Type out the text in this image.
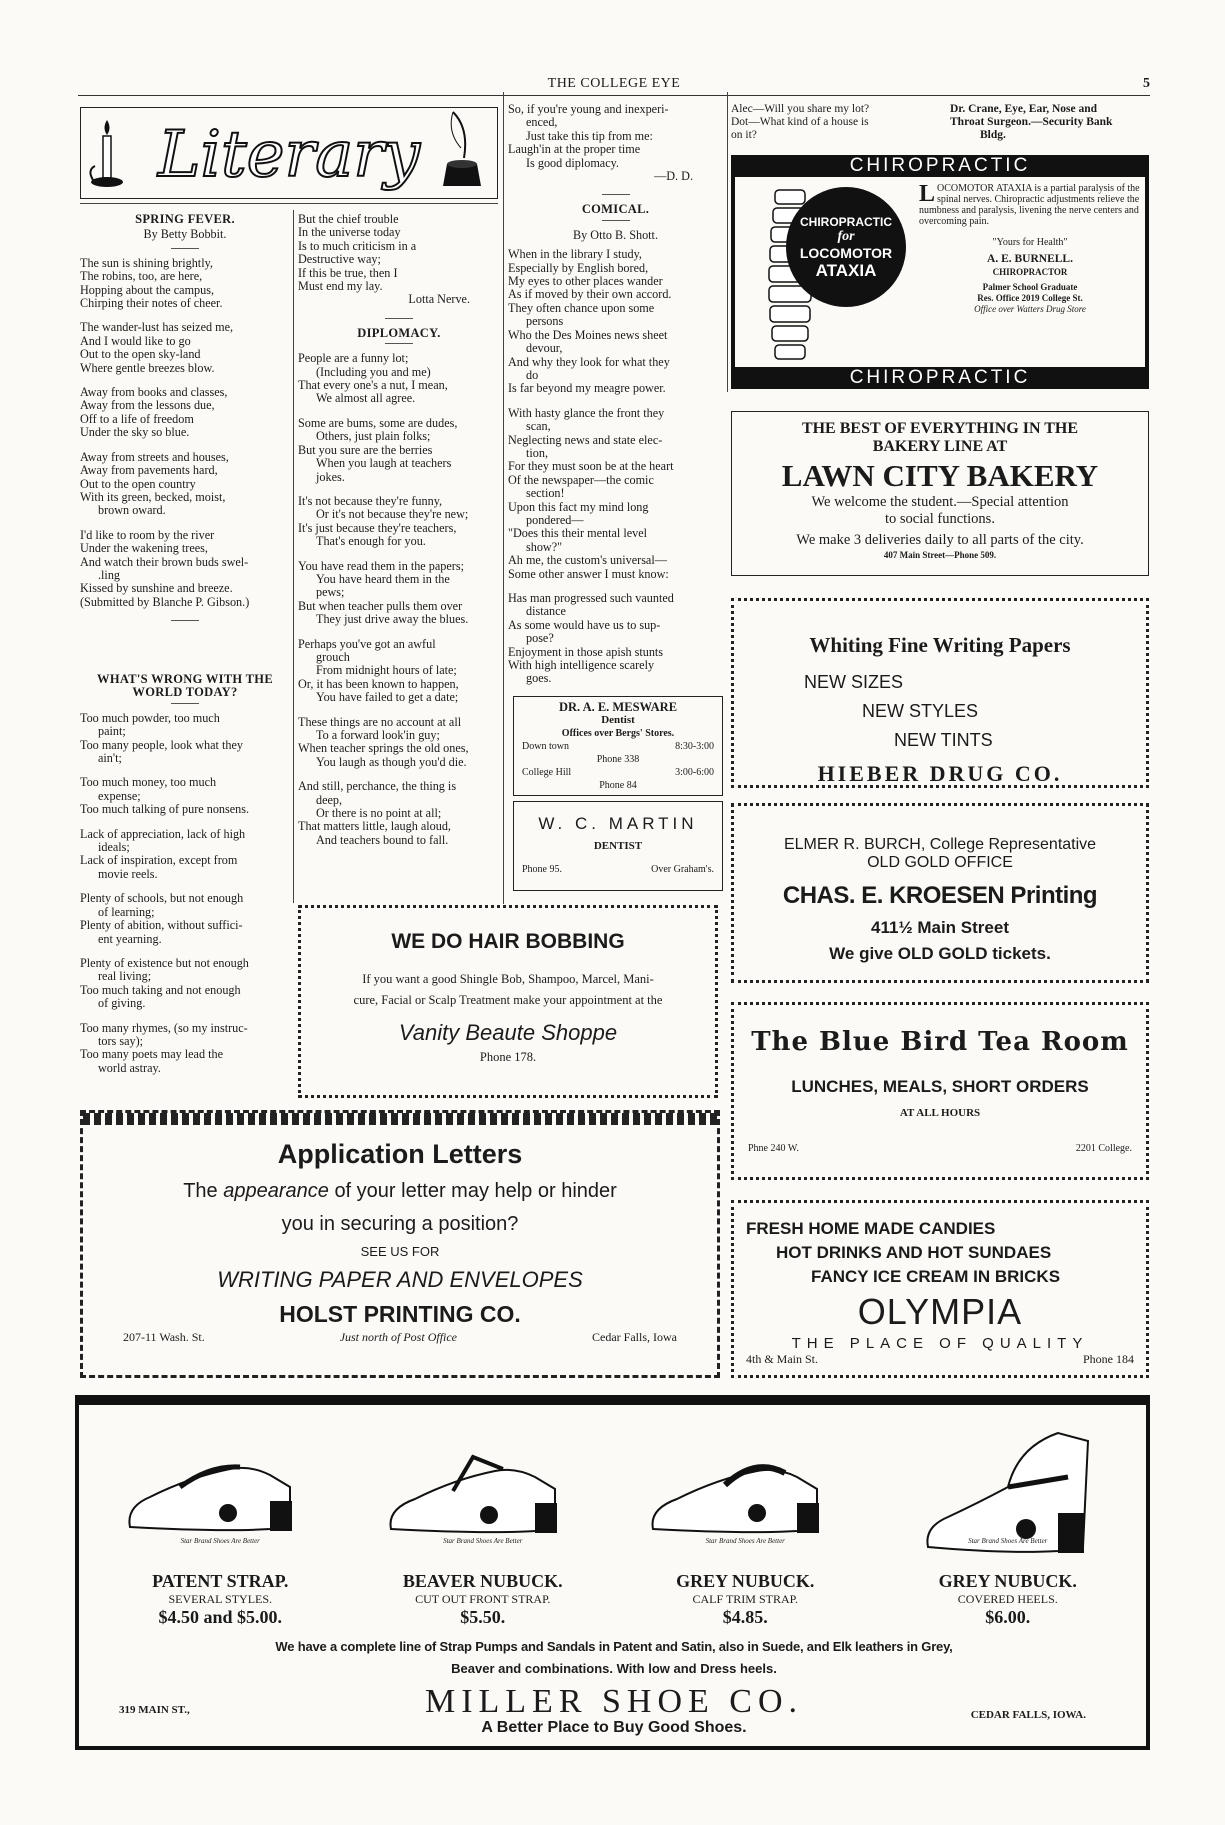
THE COLLEGE EYE	5
Literary
SPRING FEVER.
By Betty Bobbit.
The sun is shining brightly,
The robins, too, are here,
Hopping about the campus,
Chirping their notes of cheer.
The wander-lust has seized me,
And I would like to go
Out to the open sky-land
Where gentle breezes blow.
Away from books and classes,
Away from the lessons due,
Off to a life of freedom
Under the sky so blue.
Away from streets and houses,
Away from pavements hard,
Out to the open country
With its green, becked, moist,
brown oward.
I'd like to room by the river
Under the wakening trees,
And watch their brown buds swel-
.ling
Kissed by sunshine and breeze.
(Submitted by Blanche P. Gibson.)
WHAT'S WRONG WITH THE WORLD TODAY?
Too much powder, too much
paint;
Too many people, look what they
ain't;
Too much money, too much
expense;
Too much talking of pure nonsens.
Lack of appreciation, lack of high
ideals;
Lack of inspiration, except from
movie reels.
Plenty of schools, but not enough
of learning;
Plenty of abition, without suffici-
ent yearning.
Plenty of existence but not enough
real living;
Too much taking and not enough
of giving.
Too many rhymes, (so my instruc-
tors say);
Too many poets may lead the
world astray.
But the chief trouble
In the universe today
Is to much criticism in a
Destructive way;
If this be true, then I
Must end my lay.
Lotta Nerve.
DIPLOMACY.
People are a funny lot;
(Including you and me)
That every one's a nut, I mean,
We almost all agree.
Some are bums, some are dudes,
Others, just plain folks;
But you sure are the berries
When you laugh at teachers
jokes.
It's not because they're funny,
Or it's not because they're new;
It's just because they're teachers,
That's enough for you.
You have read them in the papers;
You have heard them in the
pews;
But when teacher pulls them over
They just drive away the blues.
Perhaps you've got an awful
grouch
From midnight hours of late;
Or, it has been known to happen,
You have failed to get a date;
These things are no account at all
To a forward look'in guy;
When teacher springs the old ones,
You laugh as though you'd die.
And still, perchance, the thing is
deep,
Or there is no point at all;
That matters little, laugh aloud,
And teachers bound to fall.
So, if you're young and inexperi-
enced,
Just take this tip from me:
Laugh'in at the proper time
Is good diplomacy.
—D. D.
COMICAL.
By Otto B. Shott.
When in the library I study,
Especially by English bored,
My eyes to other places wander
As if moved by their own accord.
They often chance upon some
persons
Who the Des Moines news sheet
devour,
And why they look for what they
do
Is far beyond my meagre power.
With hasty glance the front they
scan,
Neglecting news and state elec-
tion,
For they must soon be at the heart
Of the newspaper—the comic
section!
Upon this fact my mind long
pondered—
"Does this their mental level
show?"
Ah me, the custom's universal—
Some other answer I must know:
Has man progressed such vaunted
distance
As some would have us to sup-
pose?
Enjoyment in those apish stunts
With high intelligence scarely
goes.
DR. A. E. MESWARE
Dentist
Offices over Bergs' Stores.
Down town	8:30-3:00
Phone 338
College Hill	3:00-6:00
Phone 84
W. C. MARTIN
DENTIST
Phone 95.	Over Graham's.
Alec—Will you share my lot?
Dot—What kind of a house is
on it?
Dr. Crane, Eye, Ear, Nose and
Throat Surgeon.—Security Bank
Bldg.
CHIROPRACTIC
CHIROPRACTIC
for
LOCOMOTOR
ATAXIA
LOCOMOTOR ATAXIA is a partial paralysis of the spinal nerves. Chiropractic adjustments relieve the numbness and paralysis, livening the nerve centers and overcoming pain.
"Yours for Health"
A. E. BURNELL.
CHIROPRACTOR
Palmer School Graduate
Res. Office 2019 College St.
Office over Watters Drug Store
CHIROPRACTIC
THE BEST OF EVERYTHING IN THE
BAKERY LINE AT
LAWN CITY BAKERY
We welcome the student.—Special attention
to social functions.
We make 3 deliveries daily to all parts of the city.
407 Main Street—Phone 509.
Whiting Fine Writing Papers
NEW SIZES
NEW STYLES
NEW TINTS
HIEBER DRUG CO.
ELMER R. BURCH, College Representative
OLD GOLD OFFICE
CHAS. E. KROESEN Printing
411½ Main Street
We give OLD GOLD tickets.
The Blue Bird Tea Room
LUNCHES, MEALS, SHORT ORDERS
AT ALL HOURS
Phne 240 W.	2201 College.
FRESH HOME MADE CANDIES
HOT DRINKS AND HOT SUNDAES
FANCY ICE CREAM IN BRICKS
OLYMPIA
THE PLACE OF QUALITY
4th & Main St.	Phone 184
WE DO HAIR BOBBING
If you want a good Shingle Bob, Shampoo, Marcel, Mani-
cure, Facial or Scalp Treatment make your appointment at the
Vanity Beaute Shoppe
Phone 178.
Application Letters
The appearance of your letter may help or hinder
you in securing a position?
SEE US FOR
WRITING PAPER AND ENVELOPES
HOLST PRINTING CO.
207-11 Wash. St.	Just north of Post Office	Cedar Falls, Iowa
Star Brand Shoes Are Better	Star Brand Shoes Are Better	Star Brand Shoes Are Better	Star Brand Shoes Are Better
PATENT STRAP.
SEVERAL STYLES.
$4.50 and $5.00.
BEAVER NUBUCK.
CUT OUT FRONT STRAP.
$5.50.
GREY NUBUCK.
CALF TRIM STRAP.
$4.85.
GREY NUBUCK.
COVERED HEELS.
$6.00.
We have a complete line of Strap Pumps and Sandals in Patent and Satin, also in Suede, and Elk leathers in Grey,
Beaver and combinations. With low and Dress heels.
MILLER SHOE CO.
A Better Place to Buy Good Shoes.
319 MAIN ST.,	CEDAR FALLS, IOWA.
